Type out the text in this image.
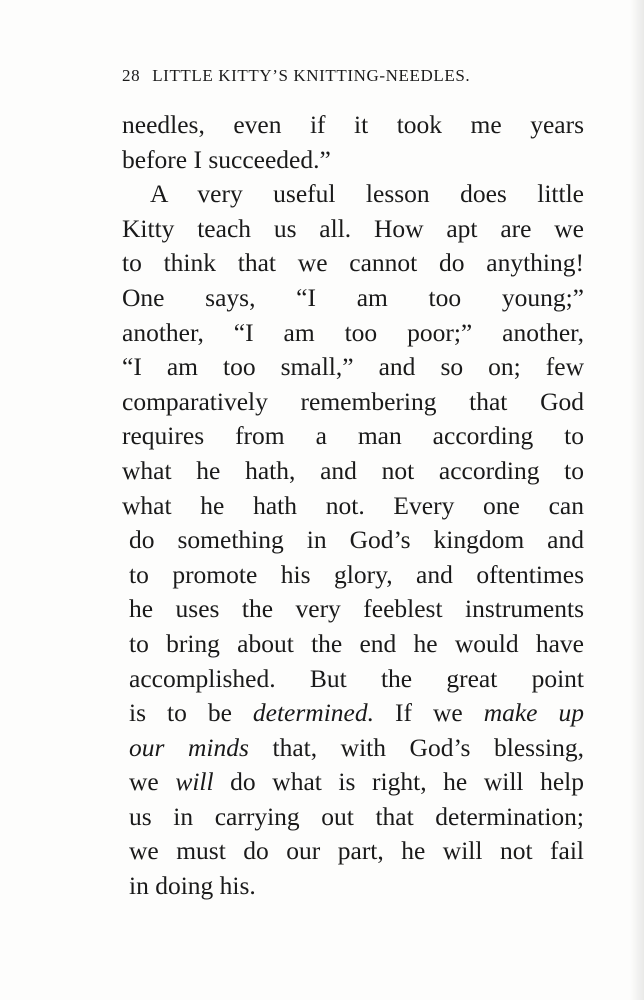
28 LITTLE KITTY’S KNITTING-NEEDLES.
needles, even if it took me years
before I succeeded.”
A very useful lesson does little
Kitty teach us all. How apt are we
to think that we cannot do anything!
One says, “I am too young;”
another, “I am too poor;” another,
“I am too small,” and so on; few
comparatively remembering that God
requires from a man according to
what he hath, and not according to
what he hath not. Every one can
do something in God’s kingdom and
to promote his glory, and oftentimes
he uses the very feeblest instruments
to bring about the end he would have
accomplished. But the great point
is to be determined. If we make up
our minds that, with God’s blessing,
we will do what is right, he will help
us in carrying out that determination;
we must do our part, he will not fail
in doing his.
